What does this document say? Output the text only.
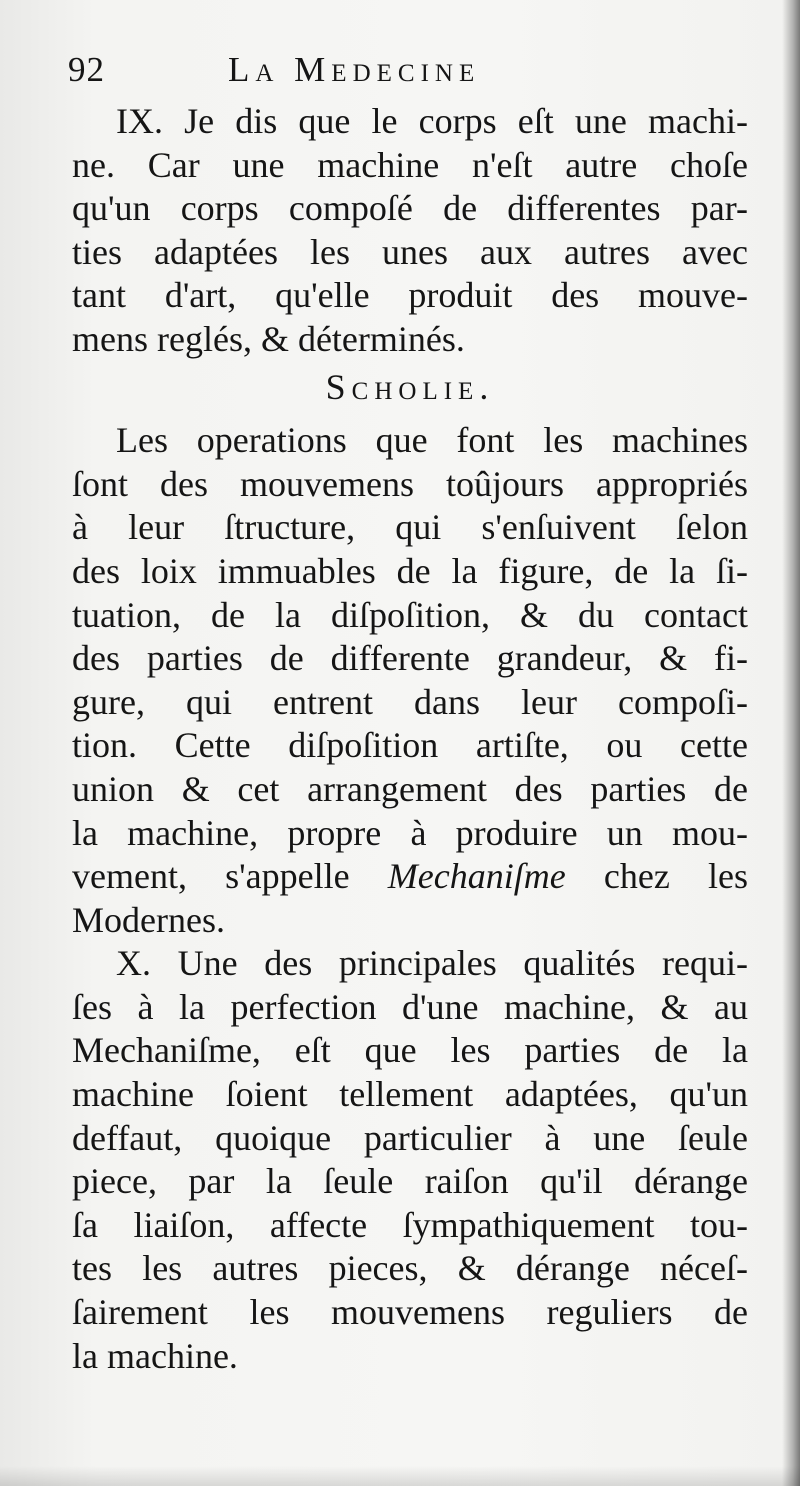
92	La Medecine
IX. Je dis que le corps eſt une machi-
ne. Car une machine n'eſt autre choſe
qu'un corps compoſé de differentes par-
ties adaptées les unes aux autres avec
tant d'art, qu'elle produit des mouve-
mens reglés, & déterminés.
Scholie.
Les operations que font les machines
ſont des mouvemens toûjours appropriés
à leur ſtructure, qui s'enſuivent ſelon
des loix immuables de la figure, de la ſi-
tuation, de la diſpoſition, & du contact
des parties de differente grandeur, & fi-
gure, qui entrent dans leur compoſi-
tion. Cette diſpoſition artiſte, ou cette
union & cet arrangement des parties de
la machine, propre à produire un mou-
vement, s'appelle Mechaniſme chez les
Modernes.
X. Une des principales qualités requi-
ſes à la perfection d'une machine, & au
Mechaniſme, eſt que les parties de la
machine ſoient tellement adaptées, qu'un
deffaut, quoique particulier à une ſeule
piece, par la ſeule raiſon qu'il dérange
ſa liaiſon, affecte ſympathiquement tou-
tes les autres pieces, & dérange néceſ-
ſairement les mouvemens reguliers de
la machine.
